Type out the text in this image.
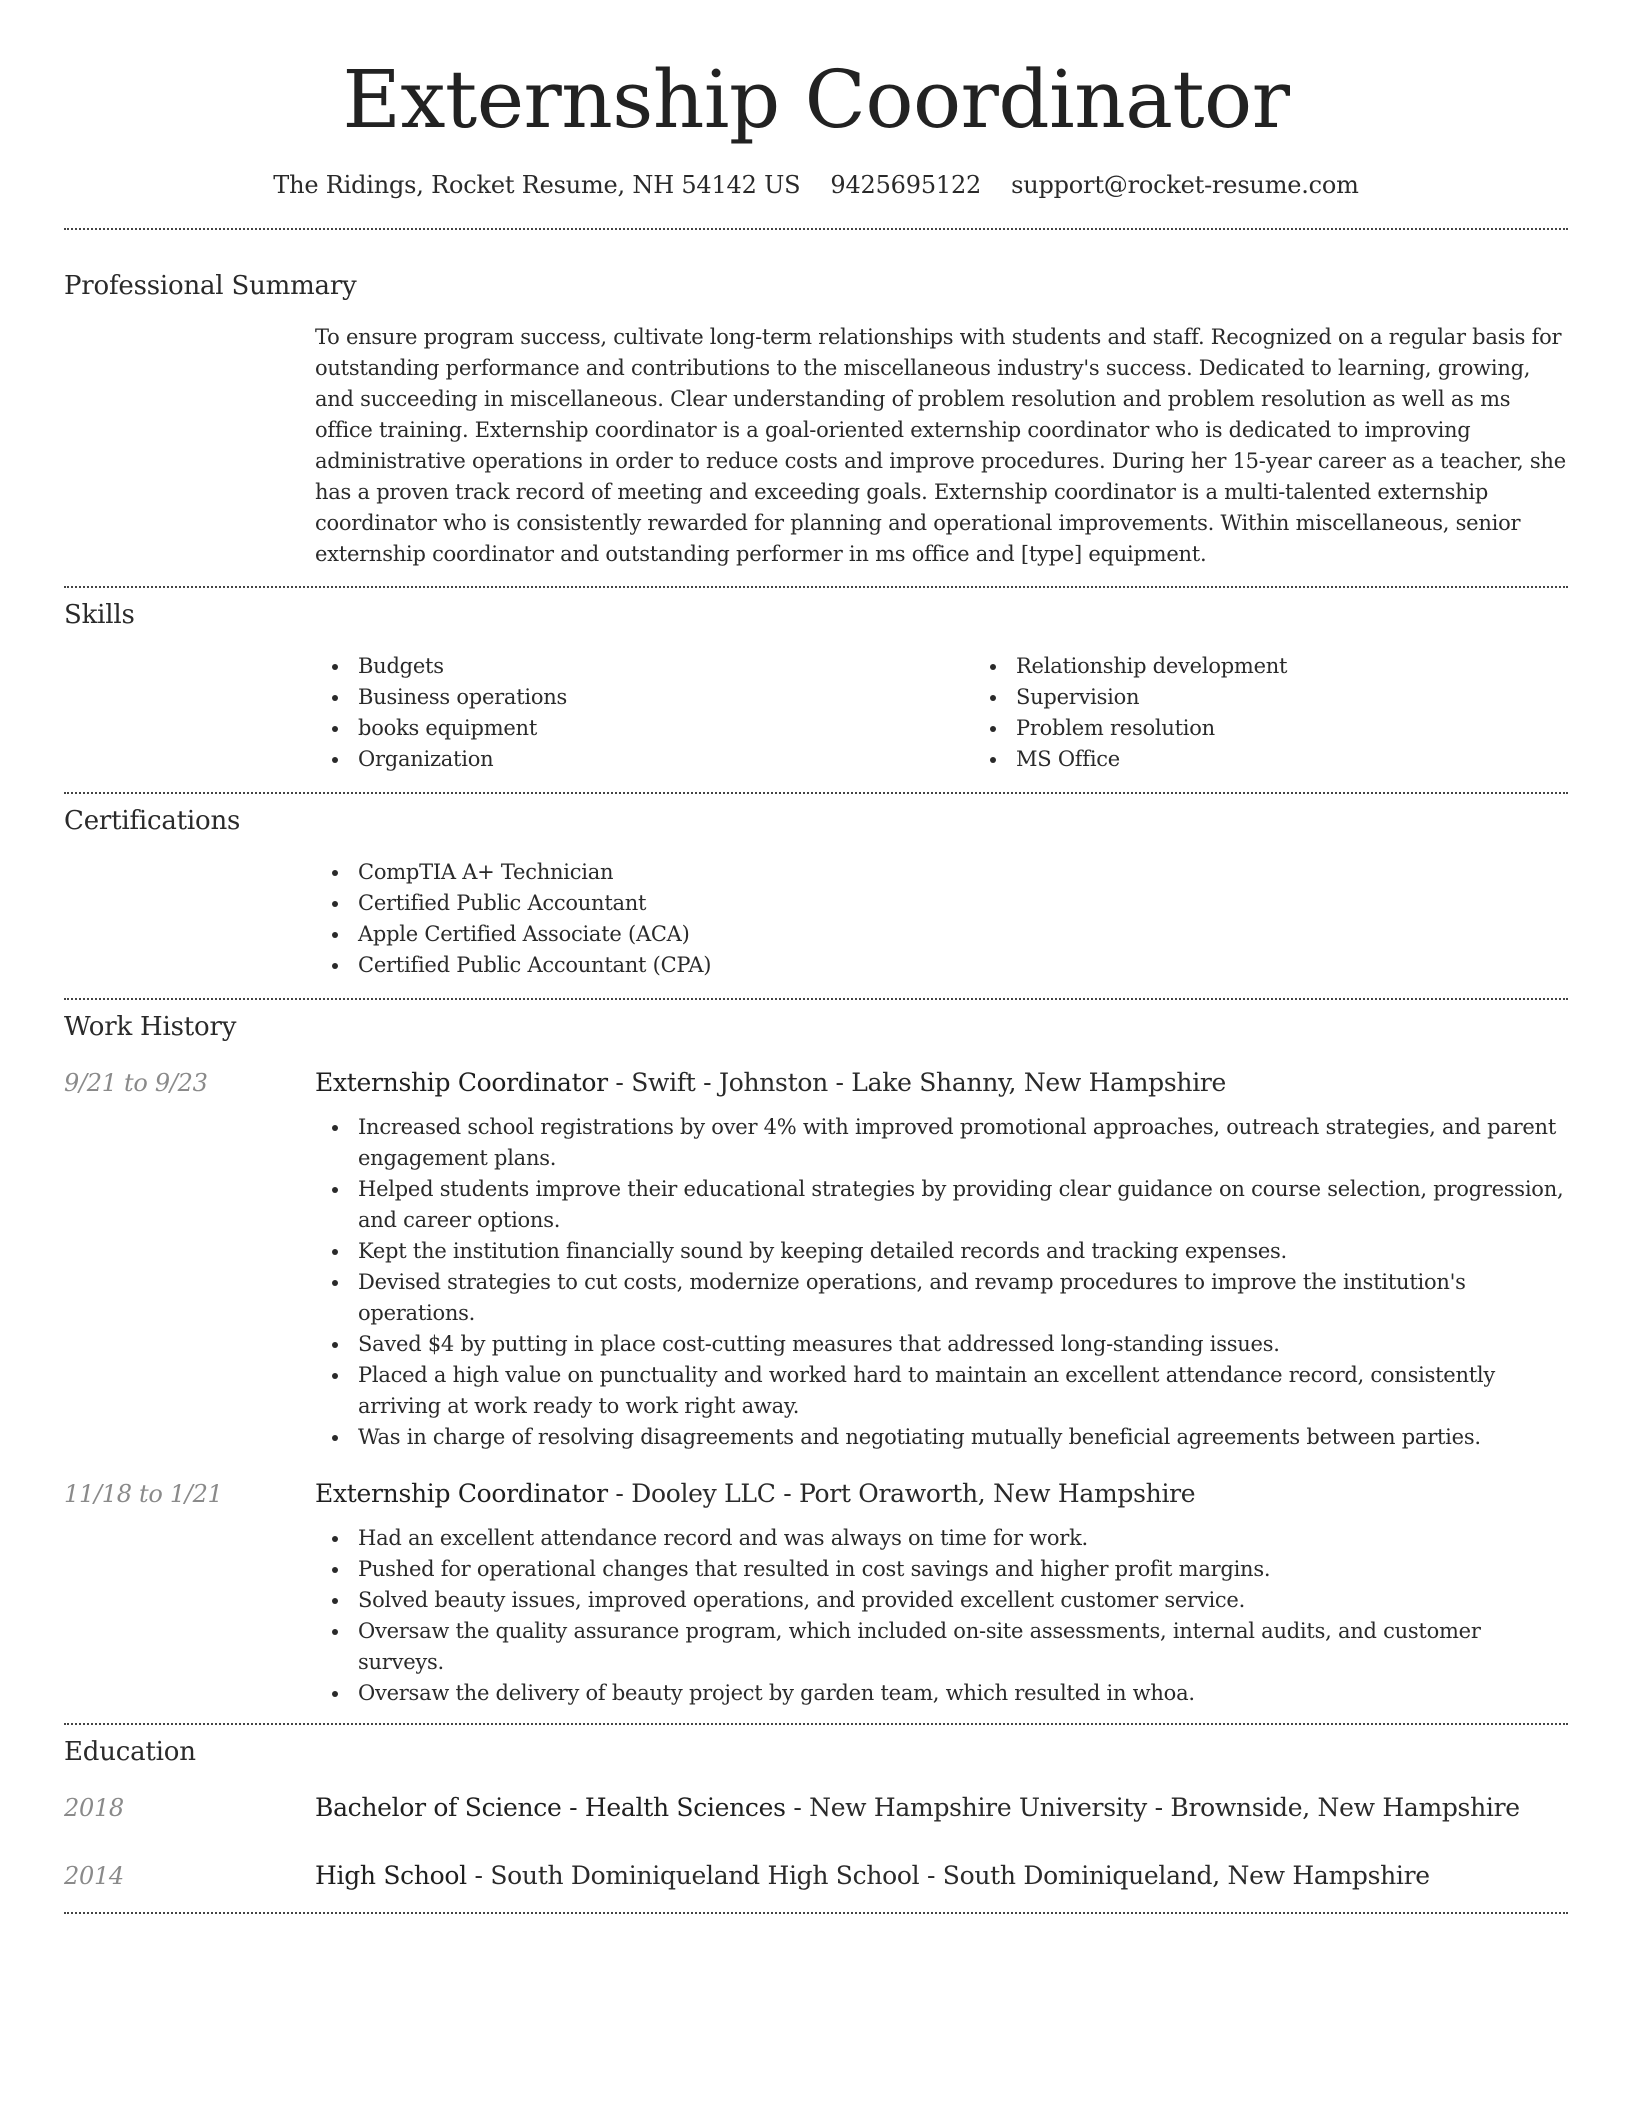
Externship Coordinator
The Ridings, Rocket Resume, NH 54142 US 9425695122 support@rocket-resume.com
Professional Summary

To ensure program success, cultivate long-term relationships with students and staff. Recognized on a regular basis for outstanding performance and contributions to the miscellaneous industry's success. Dedicated to learning, growing, and succeeding in miscellaneous. Clear understanding of problem resolution and problem resolution as well as ms office training. Externship coordinator is a goal-oriented externship coordinator who is dedicated to improving administrative operations in order to reduce costs and improve procedures. During her 15-year career as a teacher, she has a proven track record of meeting and exceeding goals. Externship coordinator is a multi-talented externship coordinator who is consistently rewarded for planning and operational improvements. Within miscellaneous, senior externship coordinator and outstanding performer in ms office and [type] equipment.

Skills
Budgets
Business operations
books equipment
Organization
Relationship development
Supervision
Problem resolution
MS Office
Certifications
CompTIA A+ Technician
Certified Public Accountant
Apple Certified Associate (ACA)
Certified Public Accountant (CPA)
Work History
9/21 to 9/23	Externship Coordinator - Swift - Johnston - Lake Shanny, New Hampshire
Increased school registrations by over 4% with improved promotional approaches, outreach strategies, and parent engagement plans.
Helped students improve their educational strategies by providing clear guidance on course selection, progression, and career options.
Kept the institution financially sound by keeping detailed records and tracking expenses.
Devised strategies to cut costs, modernize operations, and revamp procedures to improve the institution's operations.
Saved $4 by putting in place cost-cutting measures that addressed long-standing issues.
Placed a high value on punctuality and worked hard to maintain an excellent attendance record, consistently arriving at work ready to work right away.
Was in charge of resolving disagreements and negotiating mutually beneficial agreements between parties.
11/18 to 1/21	Externship Coordinator - Dooley LLC - Port Oraworth, New Hampshire
Had an excellent attendance record and was always on time for work.
Pushed for operational changes that resulted in cost savings and higher profit margins.
Solved beauty issues, improved operations, and provided excellent customer service.
Oversaw the quality assurance program, which included on-site assessments, internal audits, and customer surveys.
Oversaw the delivery of beauty project by garden team, which resulted in whoa.
Education
2018	Bachelor of Science - Health Sciences - New Hampshire University - Brownside, New Hampshire
2014	High School - South Dominiqueland High School - South Dominiqueland, New Hampshire
